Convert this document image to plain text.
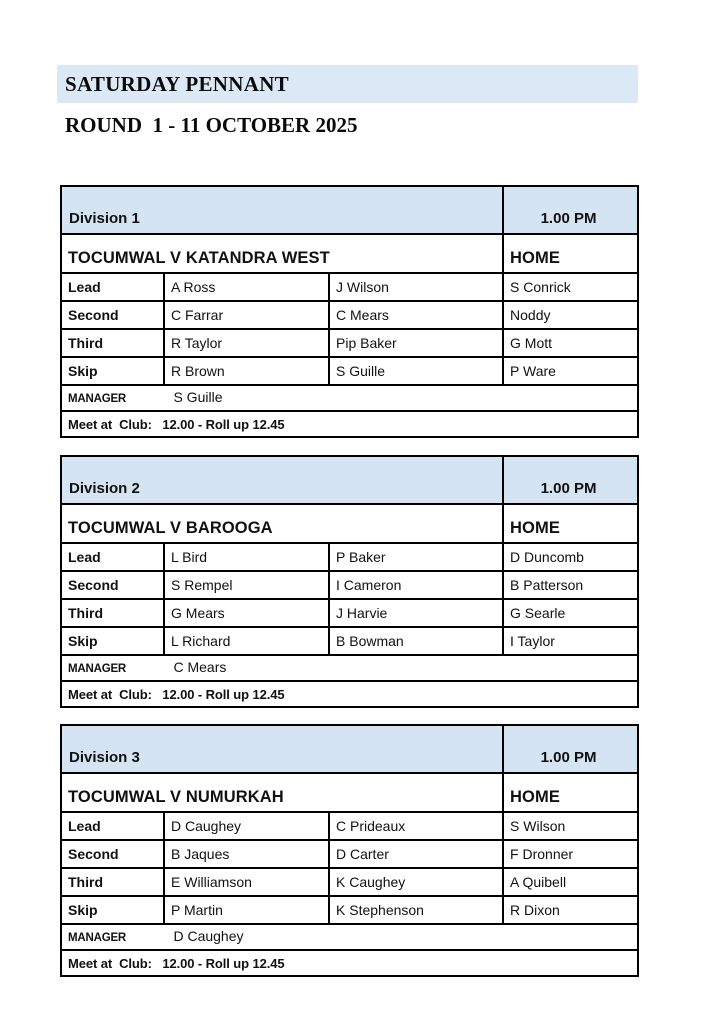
SATURDAY PENNANT
ROUND  1 - 11 OCTOBER 2025
Division 1			1.00 PM
TOCUMWAL V KATANDRA WEST			HOME
Lead	A Ross	J Wilson	S Conrick
Second	C Farrar	C Mears	Noddy
Third	R Taylor	Pip Baker	G Mott
Skip	R Brown	S Guille	P Ware
MANAGER S Guille			
Meet at  Club:   12.00 - Roll up 12.45			
Division 2			1.00 PM
TOCUMWAL V BAROOGA			HOME
Lead	L Bird	P Baker	D Duncomb
Second	S Rempel	I Cameron	B Patterson
Third	G Mears	J Harvie	G Searle
Skip	L Richard	B Bowman	I Taylor
MANAGER C Mears			
Meet at  Club:   12.00 - Roll up 12.45			
Division 3			1.00 PM
TOCUMWAL V NUMURKAH			HOME
Lead	D Caughey	C Prideaux	S Wilson
Second	B Jaques	D Carter	F Dronner
Third	E Williamson	K Caughey	A Quibell
Skip	P Martin	K Stephenson	R Dixon
MANAGER D Caughey			
Meet at  Club:   12.00 - Roll up 12.45			
